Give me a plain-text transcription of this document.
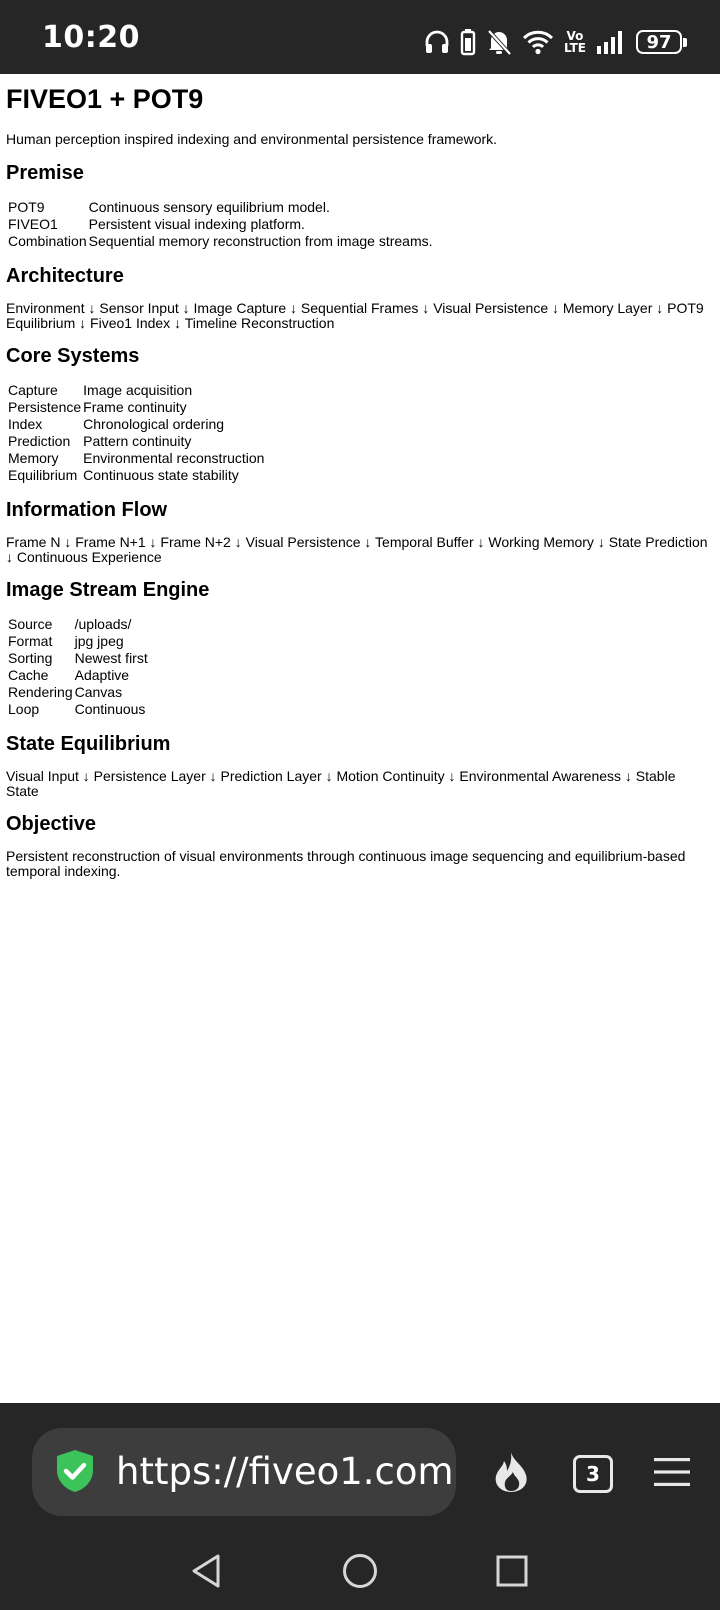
10:20	Vo
LTE	97
FIVEO1 + POT9

Human perception inspired indexing and environmental persistence framework.

Premise
POT9	Continuous sensory equilibrium model.
FIVEO1	Persistent visual indexing platform.
Combination	Sequential memory reconstruction from image streams.
Architecture

Environment ↓ Sensor Input ↓ Image Capture ↓ Sequential Frames ↓ Visual Persistence ↓ Memory Layer ↓ POT9 Equilibrium ↓ Fiveo1 Index ↓ Timeline Reconstruction

Core Systems
Capture	Image acquisition
Persistence	Frame continuity
Index	Chronological ordering
Prediction	Pattern continuity
Memory	Environmental reconstruction
Equilibrium	Continuous state stability
Information Flow

Frame N ↓ Frame N+1 ↓ Frame N+2 ↓ Visual Persistence ↓ Temporal Buffer ↓ Working Memory ↓ State Prediction ↓ Continuous Experience

Image Stream Engine
Source	/uploads/
Format	jpg jpeg
Sorting	Newest first
Cache	Adaptive
Rendering	Canvas
Loop	Continuous
State Equilibrium

Visual Input ↓ Persistence Layer ↓ Prediction Layer ↓ Motion Continuity ↓ Environmental Awareness ↓ Stable State

Objective

Persistent reconstruction of visual environments through continuous image sequencing and equilibrium-based temporal indexing.

https://fiveo1.com	3
